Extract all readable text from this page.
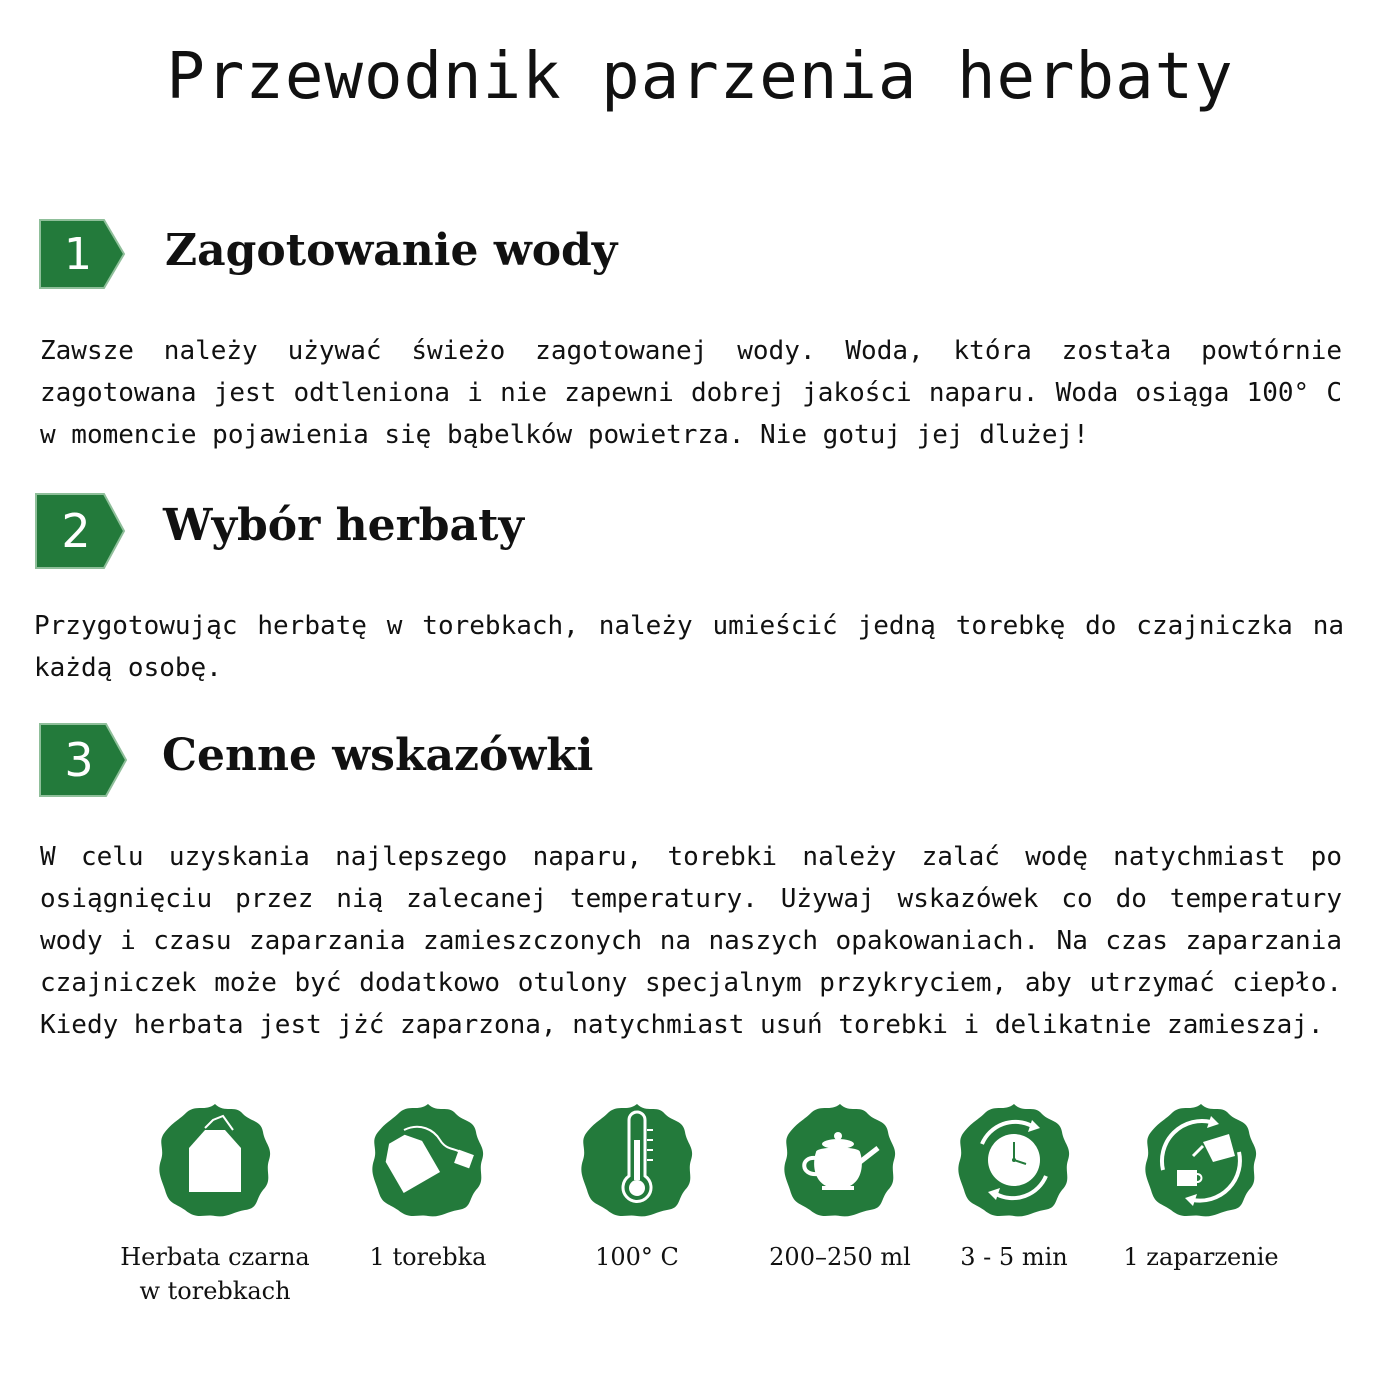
Przewodnik parzenia herbaty
1 Zagotowanie wody
Zawsze należy używać świeżo zagotowanej wody. Woda, która została powtórnie zagotowana jest odtleniona i nie zapewni dobrej jakości naparu. Woda osiąga 100° C w momencie pojawienia się bąbelków powietrza. Nie gotuj jej dlużej!
2 Wybór herbaty
Przygotowując herbatę w torebkach, należy umieścić jedną torebkę do czajniczka na każdą osobę.
3 Cenne wskazówki
W celu uzyskania najlepszego naparu, torebki należy zalać wodę natychmiast po osiągnięciu przez nią zalecanej temperatury. Używaj wskazówek co do temperatury wody i czasu zaparzania zamieszczonych na naszych opakowaniach. Na czas zaparzania czajniczek może być dodatkowo otulony specjalnym przykryciem, aby utrzymać ciepło. Kiedy herbata jest jżć zaparzona, natychmiast usuń torebki i delikatnie zamieszaj.
Herbata czarna
w torebkach
1 torebka	100° C	200–250 ml	3 - 5 min	1 zaparzenie
